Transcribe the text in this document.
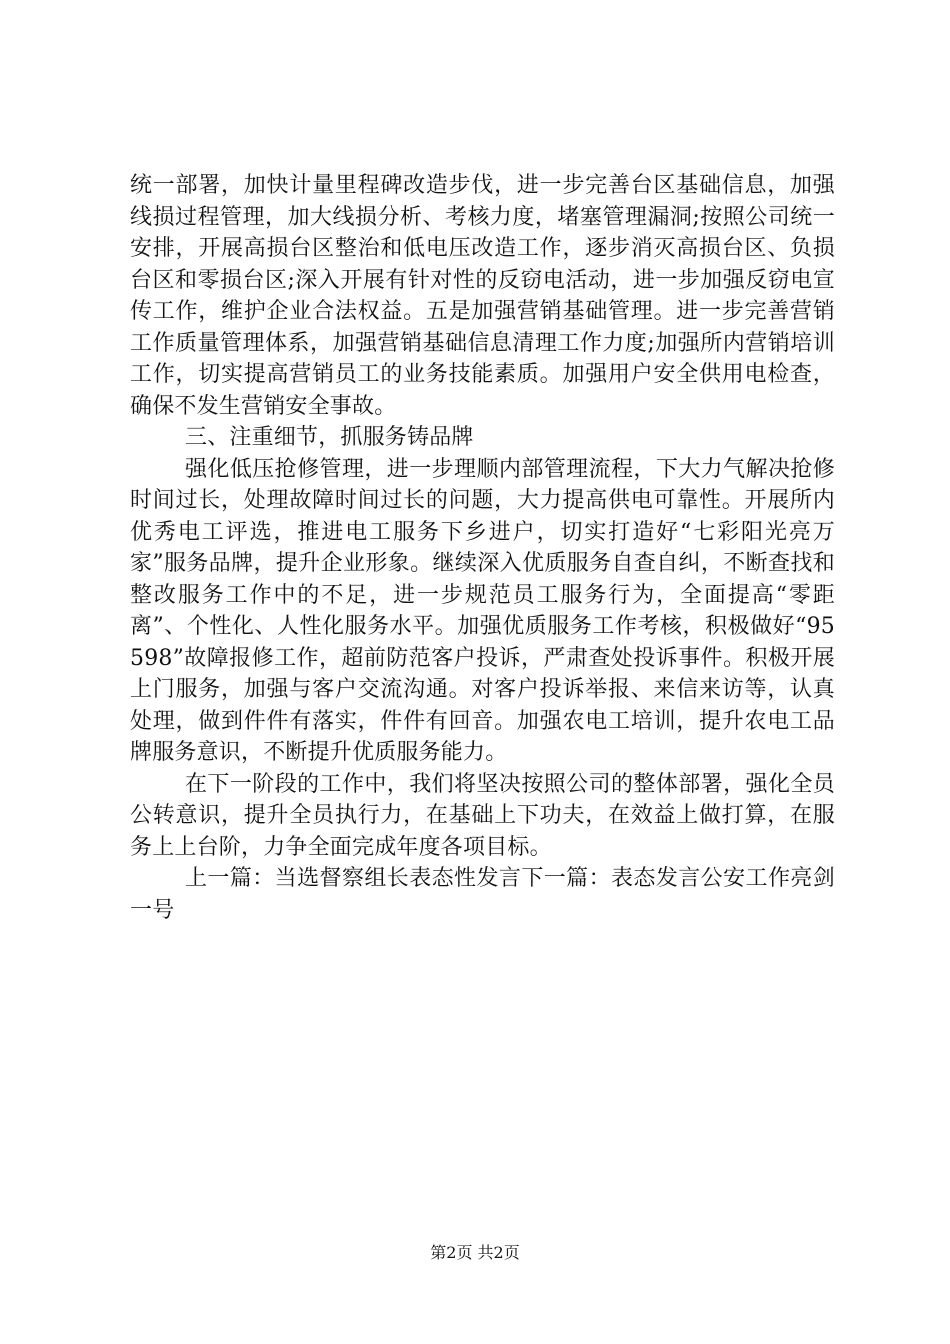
统一部署，加快计量里程碑改造步伐，进一步完善台区基础信息，加强线损过程管理，加大线损分析、考核力度，堵塞管理漏洞;按照公司统一安排，开展高损台区整治和低电压改造工作，逐步消灭高损台区、负损台区和零损台区;深入开展有针对性的反窃电活动，进一步加强反窃电宣传工作，维护企业合法权益。五是加强营销基础管理。进一步完善营销工作质量管理体系，加强营销基础信息清理工作力度;加强所内营销培训工作，切实提高营销员工的业务技能素质。加强用户安全供用电检查，确保不发生营销安全事故。

三、注重细节，抓服务铸品牌

强化低压抢修管理，进一步理顺内部管理流程，下大力气解决抢修时间过长，处理故障时间过长的问题，大力提高供电可靠性。开展所内优秀电工评选，推进电工服务下乡进户，切实打造好“七彩阳光亮万家”服务品牌，提升企业形象。继续深入优质服务自查自纠，不断查找和整改服务工作中的不足，进一步规范员工服务行为，全面提高“零距离”、个性化、人性化服务水平。加强优质服务工作考核，积极做好“95598”故障报修工作，超前防范客户投诉，严肃查处投诉事件。积极开展上门服务，加强与客户交流沟通。对客户投诉举报、来信来访等，认真处理，做到件件有落实，件件有回音。加强农电工培训，提升农电工品牌服务意识，不断提升优质服务能力。

在下一阶段的工作中，我们将坚决按照公司的整体部署，强化全员公转意识，提升全员执行力，在基础上下功夫，在效益上做打算，在服务上上台阶，力争全面完成年度各项目标。

上一篇：当选督察组长表态性发言下一篇：表态发言公安工作亮剑一号

第2页 共2页
